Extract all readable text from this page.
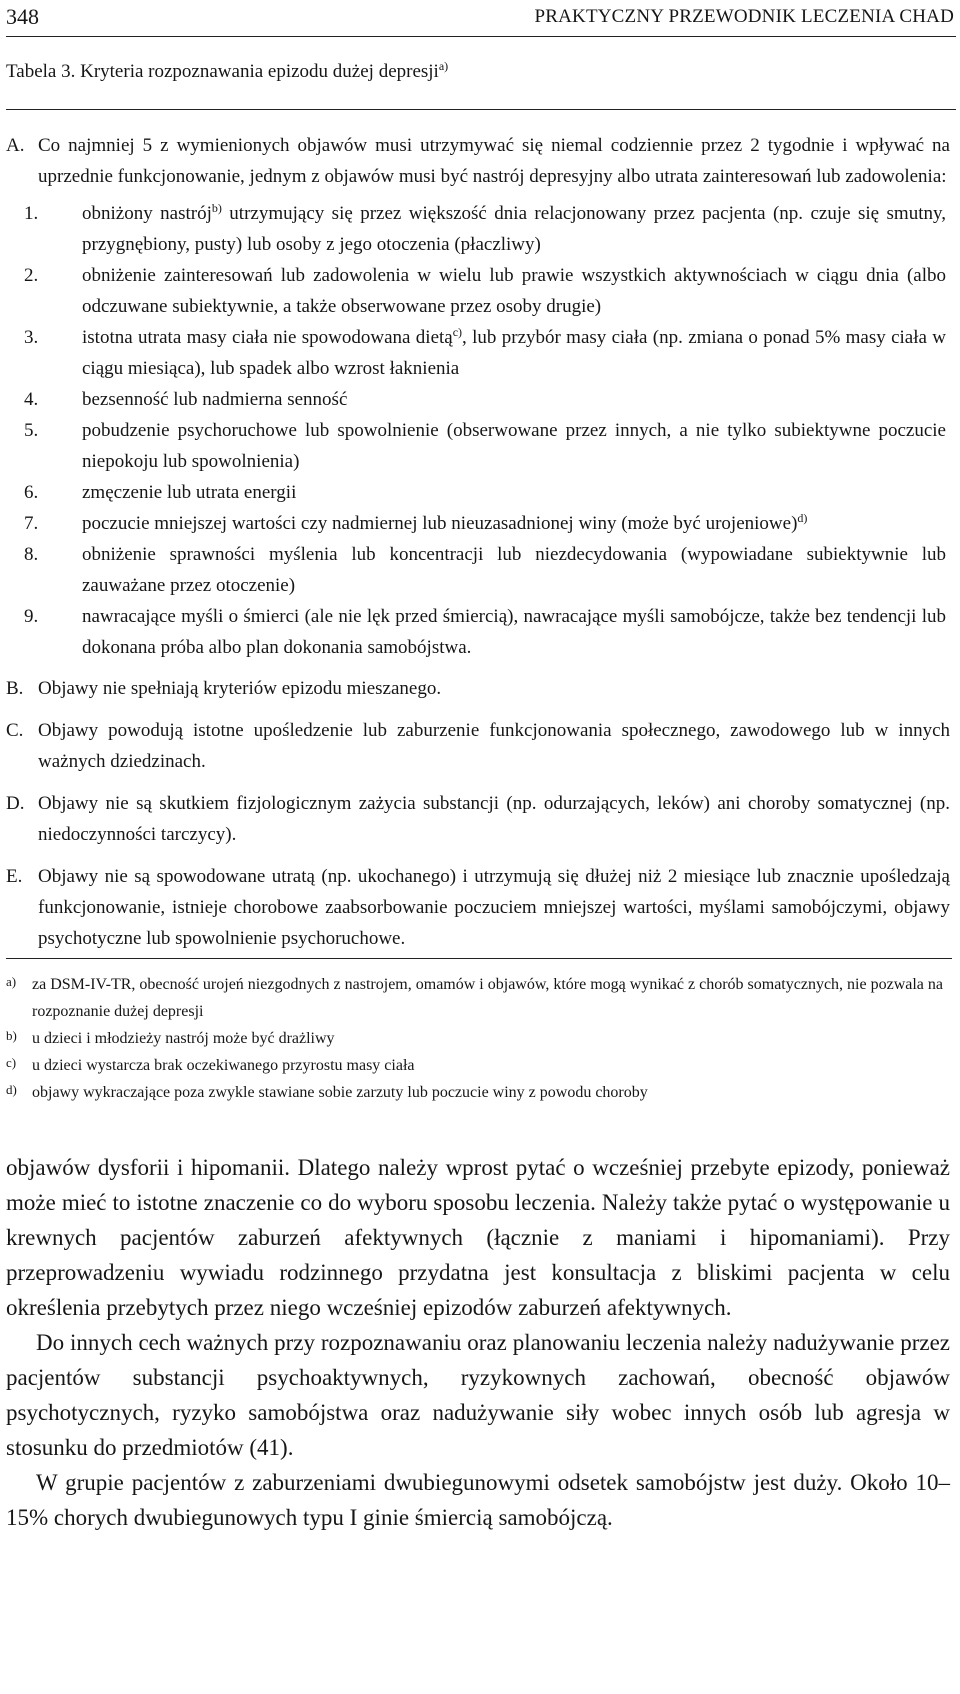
348	PRAKTYCZNY PRZEWODNIK LECZENIA CHAD
Tabela 3. Kryteria rozpoznawania epizodu dużej depresji$^{a)}$
A. Co najmniej 5 z wymienionych objawów musi utrzymywać się niemal codziennie przez 2 tygodnie i wpływać na uprzednie funkcjonowanie, jednym z objawów musi być nastrój depresyjny albo utrata zainteresowań lub zadowolenia:
1. obniżony nastrój$^{b)}$ utrzymujący się przez większość dnia relacjonowany przez pacjenta (np. czuje się smutny, przygnębiony, pusty) lub osoby z jego otoczenia (płaczliwy)
2. obniżenie zainteresowań lub zadowolenia w wielu lub prawie wszystkich aktywnościach w ciągu dnia (albo odczuwane subiektywnie, a także obserwowane przez osoby drugie)
3. istotna utrata masy ciała nie spowodowana dietą$^{c)}$, lub przybór masy ciała (np. zmiana o ponad 5% masy ciała w ciągu miesiąca), lub spadek albo wzrost łaknienia
4. bezsenność lub nadmierna senność
5. pobudzenie psychoruchowe lub spowolnienie (obserwowane przez innych, a nie tylko subiektywne poczucie niepokoju lub spowolnienia)
6. zmęczenie lub utrata energii
7. poczucie mniejszej wartości czy nadmiernej lub nieuzasadnionej winy (może być urojeniowe)$^{d)}$
8. obniżenie sprawności myślenia lub koncentracji lub niezdecydowania (wypowiadane subiektywnie lub zauważane przez otoczenie)
9. nawracające myśli o śmierci (ale nie lęk przed śmiercią), nawracające myśli samobójcze, także bez tendencji lub dokonana próba albo plan dokonania samobójstwa.
B. Objawy nie spełniają kryteriów epizodu mieszanego.
C. Objawy powodują istotne upośledzenie lub zaburzenie funkcjonowania społecznego, zawodowego lub w innych ważnych dziedzinach.
D. Objawy nie są skutkiem fizjologicznym zażycia substancji (np. odurzających, leków) ani choroby somatycznej (np. niedoczynności tarczycy).
E. Objawy nie są spowodowane utratą (np. ukochanego) i utrzymują się dłużej niż 2 miesiące lub znacznie upośledzają funkcjonowanie, istnieje chorobowe zaabsorbowanie poczuciem mniejszej wartości, myślami samobójczymi, objawy psychotyczne lub spowolnienie psychoruchowe.
a) za DSM-IV-TR, obecność urojeń niezgodnych z nastrojem, omamów i objawów, które mogą wynikać z chorób somatycznych, nie pozwala na rozpoznanie dużej depresji
b) u dzieci i młodzieży nastrój może być drażliwy
c) u dzieci wystarcza brak oczekiwanego przyrostu masy ciała
d) objawy wykraczające poza zwykle stawiane sobie zarzuty lub poczucie winy z powodu choroby

objawów dysforii i hipomanii. Dlatego należy wprost pytać o wcześniej przebyte epizody, ponieważ może mieć to istotne znaczenie co do wyboru sposobu leczenia. Należy także pytać o występowanie u krewnych pacjentów zaburzeń afektywnych (łącznie z maniami i hipomaniami). Przy przeprowadzeniu wywiadu rodzinnego przydatna jest konsultacja z bliskimi pacjenta w celu określenia przebytych przez niego wcześniej epizodów zaburzeń afektywnych.

Do innych cech ważnych przy rozpoznawaniu oraz planowaniu leczenia należy nadużywanie przez pacjentów substancji psychoaktywnych, ryzykownych zachowań, obecność objawów psychotycznych, ryzyko samobójstwa oraz nadużywanie siły wobec innych osób lub agresja w stosunku do przedmiotów (41).

W grupie pacjentów z zaburzeniami dwubiegunowymi odsetek samobójstw jest duży. Około 10–15% chorych dwubiegunowych typu I ginie śmiercią samobójczą.
